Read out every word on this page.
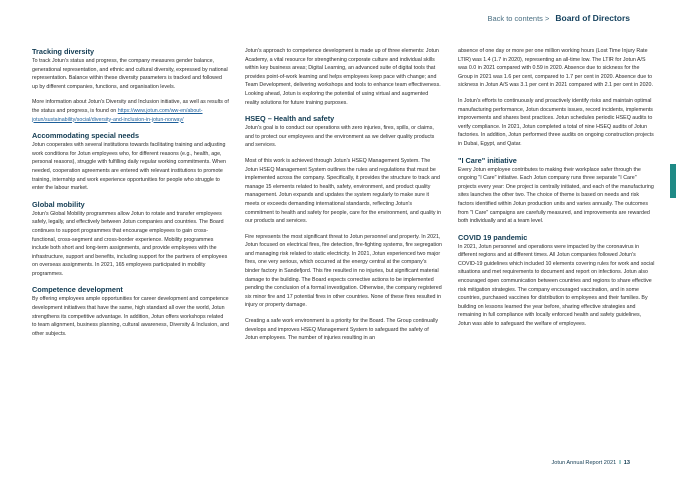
Back to contents > Board of Directors
Tracking diversity

To track Jotun's status and progress, the company measures gender balance, generational representation, and ethnic and cultural diversity, expressed by national representation. Balance within these diversity parameters is tracked and followed up by different companies, functions, and organisation levels.

More information about Jotun's Diversity and Inclusion initiative, as well as results of the status and progress, is found on https://www.jotun.com/ww-en/about-jotun/sustainability/social/diversity-and-inclusion-in-jotun-norway/

Accommodating special needs

Jotun cooperates with several institutions towards facilitating training and adjusting work conditions for Jotun employees who, for different reasons (e.g., health, age, personal reasons), struggle with fulfilling daily regular working commitments. When needed, cooperation agreements are entered with relevant institutions to promote training, internship and work experience opportunities for people who struggle to enter the labour market.

Global mobility

Jotun's Global Mobility programmes allow Jotun to rotate and transfer employees safely, legally, and effectively between Jotun companies and countries. The Board continues to support programmes that encourage employees to gain cross-functional, cross-segment and cross-border experience. Mobility programmes include both short and long-term assignments, and provide employees with the infrastructure, support and benefits, including support for the partners of employees on overseas assignments. In 2021, 165 employees participated in mobility programmes.

Competence development

By offering employees ample opportunities for career development and competence development initiatives that have the same, high standard all over the world, Jotun strengthens its competitive advantage. In addition, Jotun offers workshops related to team alignment, business planning, cultural awareness, Diversity & Inclusion, and other subjects.

Jotun's approach to competence development is made up of three elements: Jotun Academy, a vital resource for strengthening corporate culture and individual skills within key business areas; Digital Learning, an advanced suite of digital tools that provides point-of-work learning and helps employees keep pace with change; and Team Development, delivering workshops and tools to enhance team effectiveness. Looking ahead, Jotun is exploring the potential of using virtual and augmented reality solutions for future training purposes.

HSEQ – Health and safety

Jotun's goal is to conduct our operations with zero injuries, fires, spills, or claims, and to protect our employees and the environment as we deliver quality products and services.

Most of this work is achieved through Jotun's HSEQ Management System. The Jotun HSEQ Management System outlines the rules and regulations that must be implemented across the company. Specifically, it provides the structure to track and manage 15 elements related to health, safety, environment, and product quality management. Jotun expands and updates the system regularly to make sure it meets or exceeds demanding international standards, reflecting Jotun's commitment to health and safety for people, care for the environment, and quality in our products and services.

Fire represents the most significant threat to Jotun personnel and property. In 2021, Jotun focused on electrical fires, fire detection, fire-fighting systems, fire segregation and managing risk related to static electricity. In 2021, Jotun experienced two major fires, one very serious, which occurred at the energy central at the company's binder factory in Sandefjord. This fire resulted in no injuries, but significant material damage to the building. The Board expects corrective actions to be implemented pending the conclusion of a formal investigation. Otherwise, the company registered six minor fire and 17 potential fires in other countries. None of these fires resulted in injury or property damage.

Creating a safe work environment is a priority for the Board. The Group continually develops and improves HSEQ Management System to safeguard the safety of Jotun employees. The number of injuries resulting in an

absence of one day or more per one million working hours (Lost Time Injury Rate LTIR) was 1.4 (1.7 in 2020), representing an all-time low. The LTIR for Jotun A/S was 0.0 in 2021 compared with 0.59 in 2020. Absence due to sickness for the Group in 2021 was 1.6 per cent, compared to 1.7 per cent in 2020. Absence due to sickness in Jotun A/S was 3.1 per cent in 2021 compared with 2.1 per cent in 2020.

In Jotun's efforts to continuously and proactively identify risks and maintain optimal manufacturing performance, Jotun documents issues, record incidents, implements improvements and shares best practices. Jotun schedules periodic HSEQ audits to verify compliance. In 2021, Jotun completed a total of nine HSEQ audits of Jotun factories. In addition, Jotun performed three audits on ongoing construction projects in Dubai, Egypt, and Qatar.

"I Care" initiative

Every Jotun employee contributes to making their workplace safer through the ongoing "I Care" initiative. Each Jotun company runs three separate "I Care" projects every year: One project is centrally initiated, and each of the manufacturing sites launches the other two. The choice of theme is based on needs and risk factors identified within Jotun production units and varies annually. The outcomes from "I Care" campaigns are carefully measured, and improvements are rewarded both individually and at a team level.

COVID 19 pandemic

In 2021, Jotun personnel and operations were impacted by the coronavirus in different regions and at different times. All Jotun companies followed Jotun's COVID-19 guidelines which included 10 elements covering rules for work and social situations and met requirements to document and report on infections. Jotun also encouraged open communication between countries and regions to share effective risk mitigation strategies. The company encouraged vaccination, and in some countries, purchased vaccines for distribution to employees and their families. By building on lessons learned the year before, sharing effective strategies and remaining in full compliance with locally enforced health and safety guidelines, Jotun was able to safeguard the welfare of employees.

Jotun Annual Report 2021 I 13
